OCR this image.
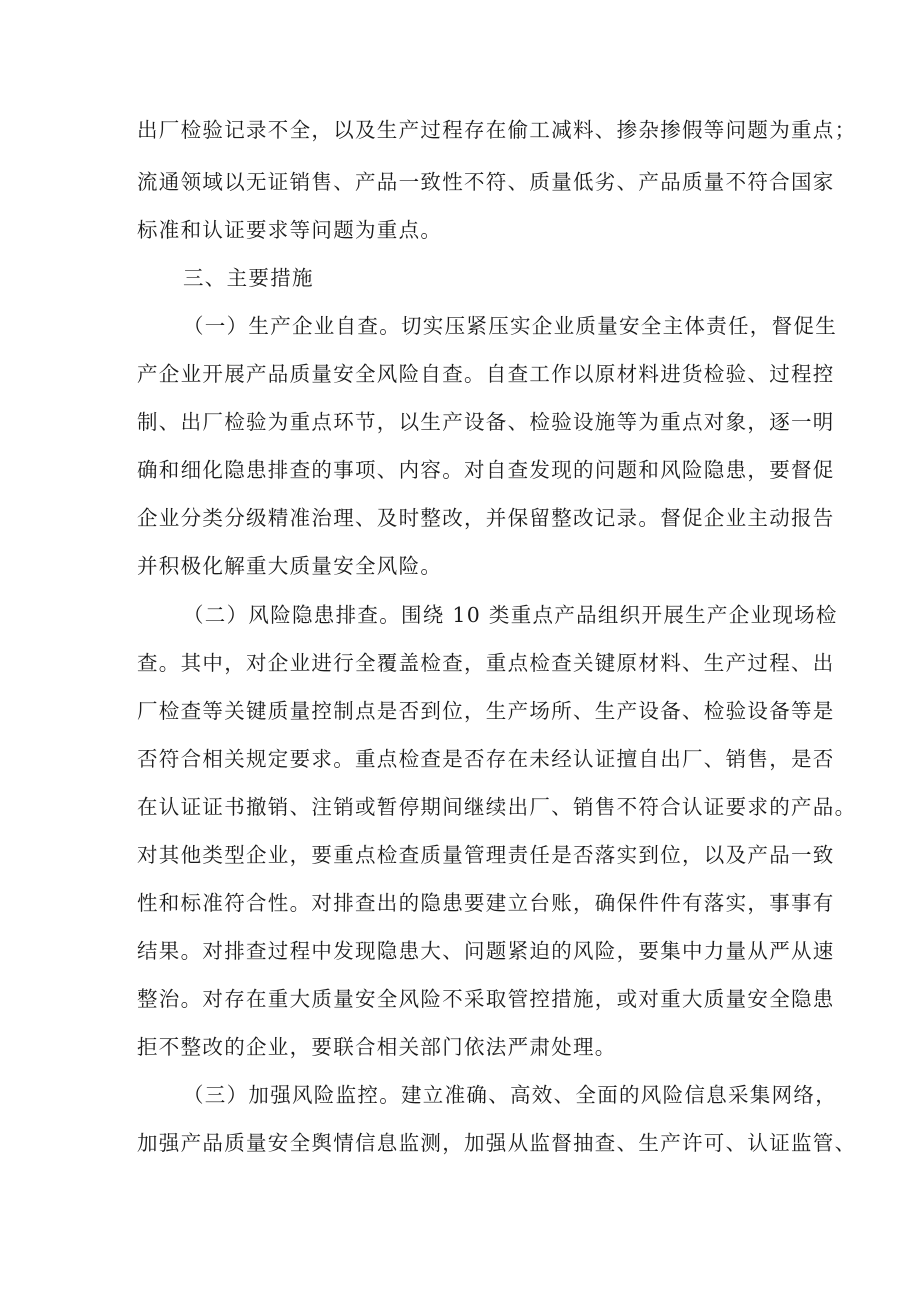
出厂检验记录不全，以及生产过程存在偷工减料、掺杂掺假等问题为重点；

流通领域以无证销售、产品一致性不符、质量低劣、产品质量不符合国家

标准和认证要求等问题为重点。

三、主要措施

（一）生产企业自查。切实压紧压实企业质量安全主体责任，督促生

产企业开展产品质量安全风险自查。自查工作以原材料进货检验、过程控

制、出厂检验为重点环节，以生产设备、检验设施等为重点对象，逐一明

确和细化隐患排查的事项、内容。对自查发现的问题和风险隐患，要督促

企业分类分级精准治理、及时整改，并保留整改记录。督促企业主动报告

并积极化解重大质量安全风险。

（二）风险隐患排查。围绕 10 类重点产品组织开展生产企业现场检

查。其中，对企业进行全覆盖检查，重点检查关键原材料、生产过程、出

厂检查等关键质量控制点是否到位，生产场所、生产设备、检验设备等是

否符合相关规定要求。重点检查是否存在未经认证擅自出厂、销售，是否

在认证证书撤销、注销或暂停期间继续出厂、销售不符合认证要求的产品。

对其他类型企业，要重点检查质量管理责任是否落实到位，以及产品一致

性和标准符合性。对排查出的隐患要建立台账，确保件件有落实，事事有

结果。对排查过程中发现隐患大、问题紧迫的风险，要集中力量从严从速

整治。对存在重大质量安全风险不采取管控措施，或对重大质量安全隐患

拒不整改的企业，要联合相关部门依法严肃处理。

（三）加强风险监控。建立准确、高效、全面的风险信息采集网络，

加强产品质量安全舆情信息监测，加强从监督抽查、生产许可、认证监管、
